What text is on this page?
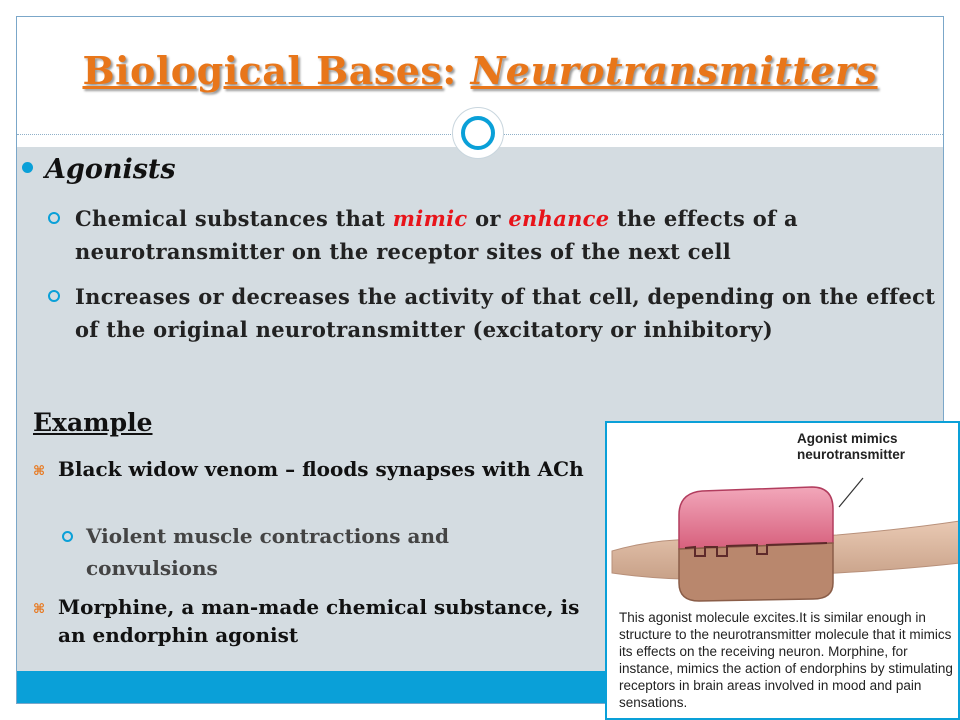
Biological Bases: Neurotransmitters
Agonists
Chemical substances that mimic or enhance the effects of a neurotransmitter on the receptor sites of the next cell
Increases or decreases the activity of that cell, depending on the effect of the original neurotransmitter (excitatory or inhibitory)
Example
⌘ Black widow venom – floods synapses with ACh
Violent muscle contractions and convulsions
⌘ Morphine, a man-made chemical substance, is an endorphin agonist
Agonist mimics neurotransmitter
This agonist molecule excites.It is similar enough in structure to the neurotransmitter molecule that it mimics its effects on the receiving neuron. Morphine, for instance, mimics the action of endorphins by stimulating receptors in brain areas involved in mood and pain sensations.
